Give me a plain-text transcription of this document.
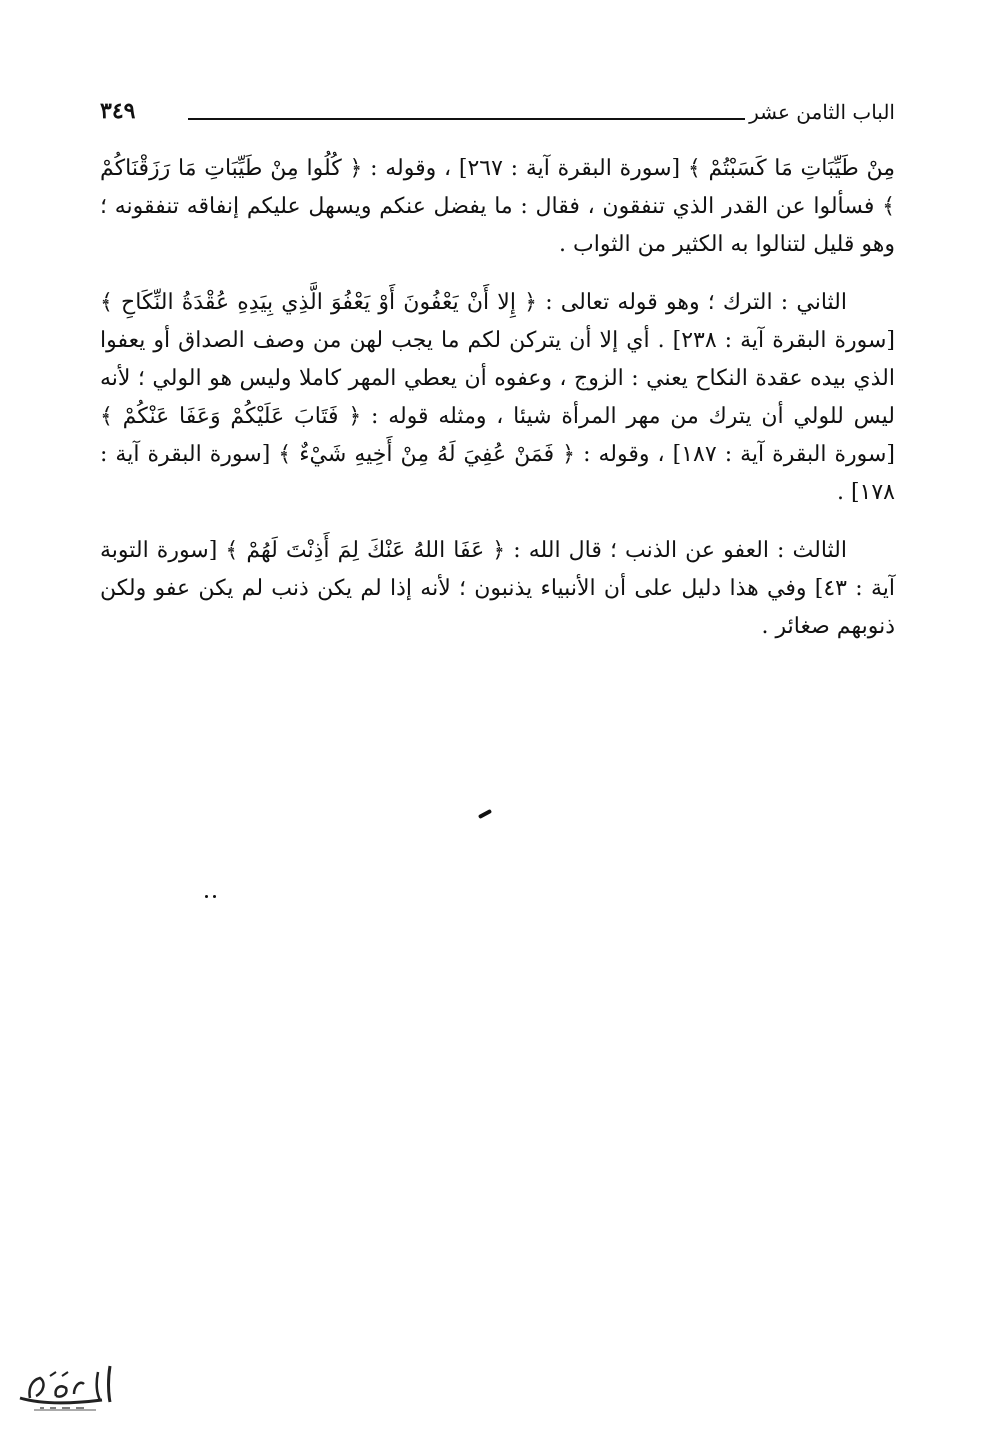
الباب الثامن عشر
٣٤٩

مِنْ طَيِّبَاتِ مَا كَسَبْتُمْ ﴾ [سورة البقرة آية : ٢٦٧] ، وقوله : ﴿ كُلُوا مِنْ طَيِّبَاتِ مَا رَزَقْنَاكُمْ ﴾ فسألوا عن القدر الذي تنفقون ، فقال : ما يفضل عنكم ويسهل عليكم إنفاقه تنفقونه ؛ وهو قليل لتنالوا به الكثير من الثواب .

الثاني : الترك ؛ وهو قوله تعالى : ﴿ إِلا أَنْ يَعْفُونَ أَوْ يَعْفُوَ الَّذِي بِيَدِهِ عُقْدَةُ النِّكَاحِ ﴾ [سورة البقرة آية : ٢٣٨] . أي إلا أن يتركن لكم ما يجب لهن من وصف الصداق أو يعفوا الذي بيده عقدة النكاح يعني : الزوج ، وعفوه أن يعطي المهر كاملا وليس هو الولي ؛ لأنه ليس للولي أن يترك من مهر المرأة شيئا ، ومثله قوله : ﴿ فَتَابَ عَلَيْكُمْ وَعَفَا عَنْكُمْ ﴾ [سورة البقرة آية : ١٨٧] ، وقوله : ﴿ فَمَنْ عُفِيَ لَهُ مِنْ أَخِيهِ شَيْءٌ ﴾ [سورة البقرة آية : ١٧٨] .

الثالث : العفو عن الذنب ؛ قال الله : ﴿ عَفَا اللهُ عَنْكَ لِمَ أَذِنْتَ لَهُمْ ﴾ [سورة التوبة آية : ٤٣] وفي هذا دليل على أن الأنبياء يذنبون ؛ لأنه إذا لم يكن ذنب لم يكن عفو ولكن ذنوبهم صغائر .
